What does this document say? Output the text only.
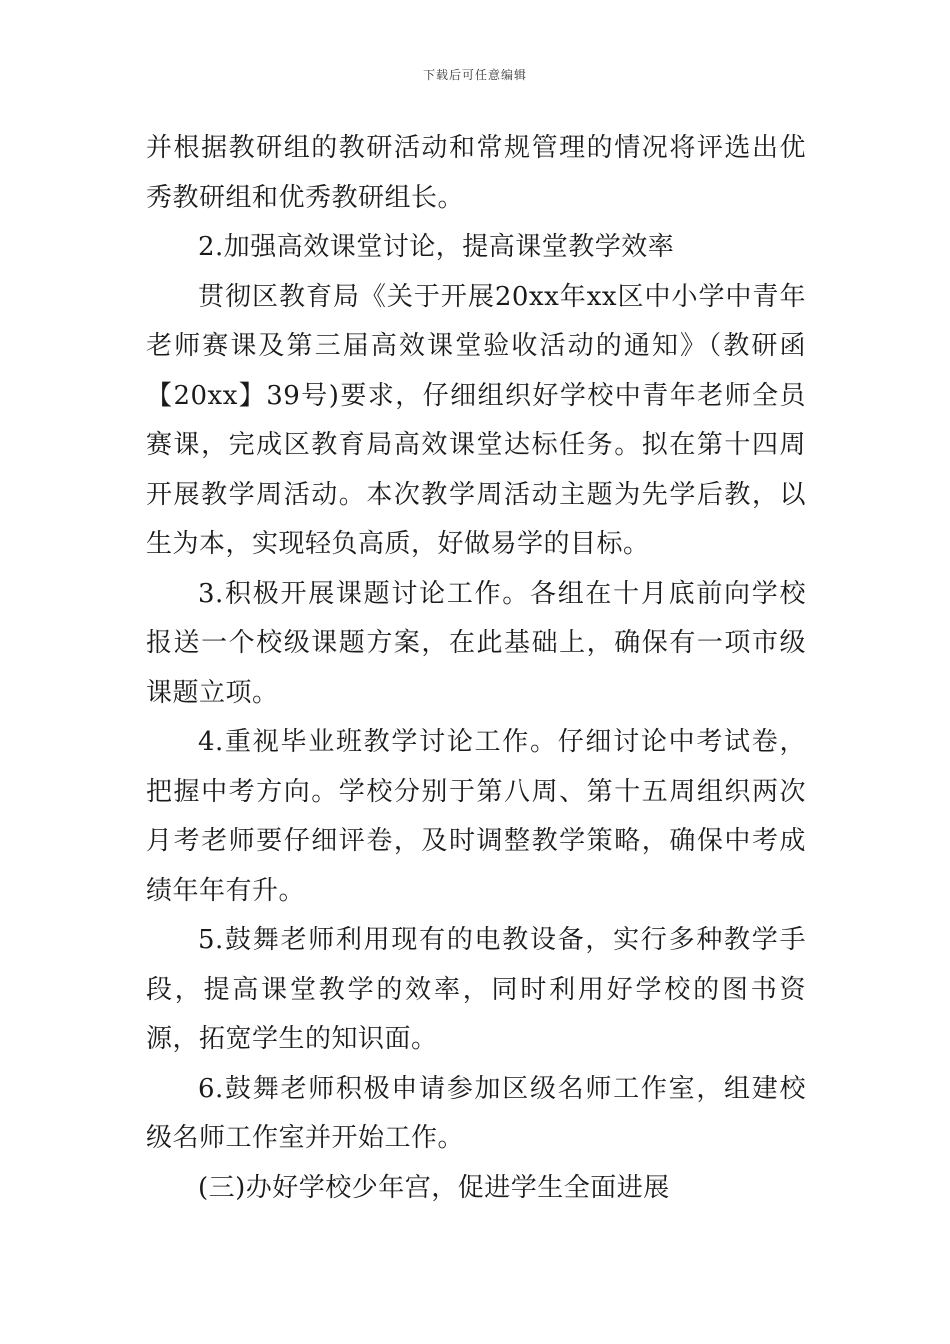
下载后可任意编辑

并根据教研组的教研活动和常规管理的情况将评选出优秀教研组和优秀教研组长。

2.加强高效课堂讨论，提高课堂教学效率

贯彻区教育局《关于开展20xx年xx区中小学中青年老师赛课及第三届高效课堂验收活动的通知》（教研函【20xx】39号)要求，仔细组织好学校中青年老师全员赛课，完成区教育局高效课堂达标任务。拟在第十四周开展教学周活动。本次教学周活动主题为先学后教，以生为本，实现轻负高质，好做易学的目标。

3.积极开展课题讨论工作。各组在十月底前向学校报送一个校级课题方案，在此基础上，确保有一项市级课题立项。

4.重视毕业班教学讨论工作。仔细讨论中考试卷，把握中考方向。学校分别于第八周、第十五周组织两次月考老师要仔细评卷，及时调整教学策略，确保中考成绩年年有升。

5.鼓舞老师利用现有的电教设备，实行多种教学手段，提高课堂教学的效率，同时利用好学校的图书资源，拓宽学生的知识面。

6.鼓舞老师积极申请参加区级名师工作室，组建校级名师工作室并开始工作。

(三)办好学校少年宫，促进学生全面进展
